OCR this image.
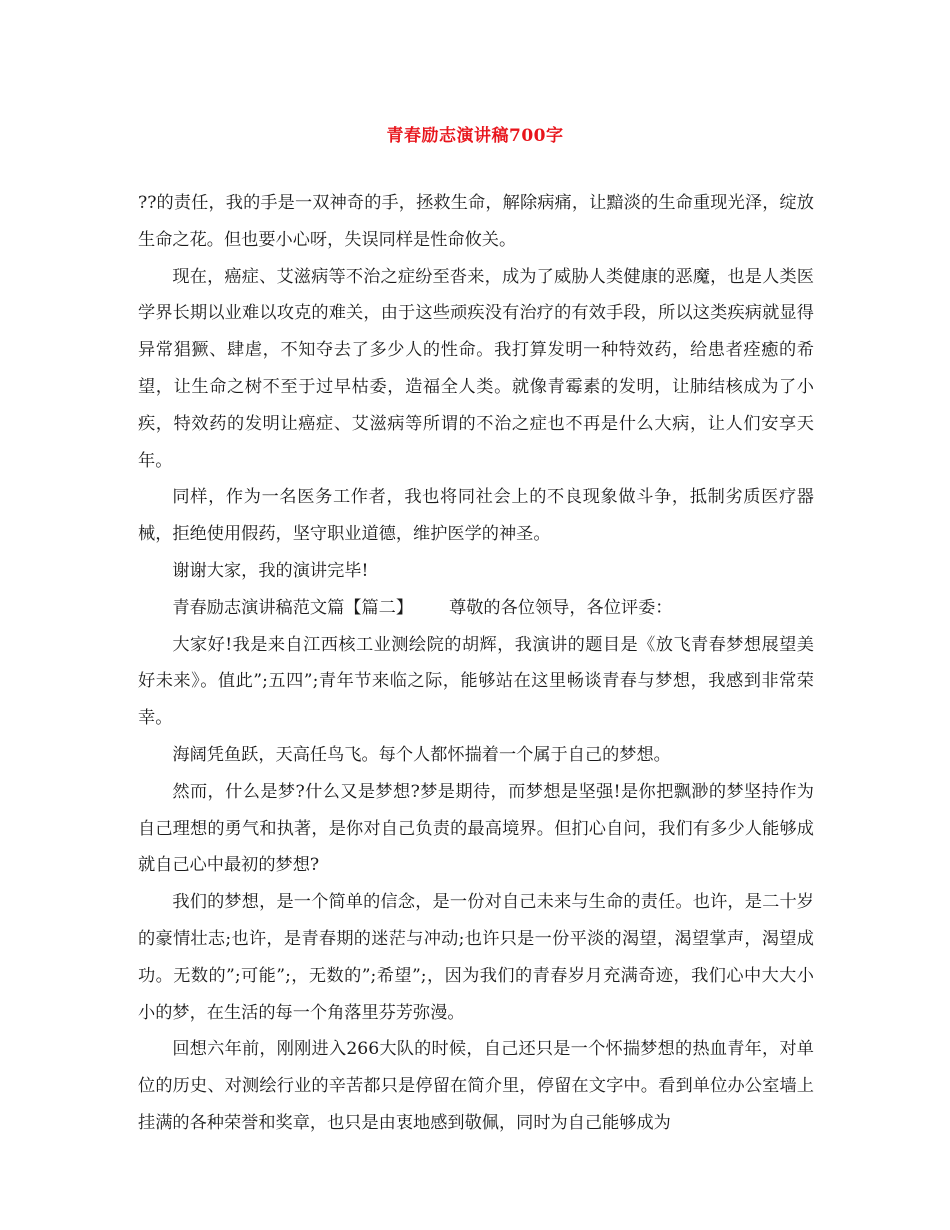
青春励志演讲稿700字

??的责任，我的手是一双神奇的手，拯救生命，解除病痛，让黯淡的生命重现光泽，绽放生命之花。但也要小心呀，失误同样是性命攸关。

现在，癌症、艾滋病等不治之症纷至沓来，成为了威胁人类健康的恶魔，也是人类医学界长期以业难以攻克的难关，由于这些顽疾没有治疗的有效手段，所以这类疾病就显得异常猖獗、肆虐，不知夺去了多少人的性命。我打算发明一种特效药，给患者痊癒的希望，让生命之树不至于过早枯委，造福全人类。就像青霉素的发明，让肺结核成为了小疾，特效药的发明让癌症、艾滋病等所谓的不治之症也不再是什么大病，让人们安享天年。

同样，作为一名医务工作者，我也将同社会上的不良现象做斗争，抵制劣质医疗器械，拒绝使用假药，坚守职业道德，维护医学的神圣。

谢谢大家，我的演讲完毕!

青春励志演讲稿范文篇【篇二】 尊敬的各位领导，各位评委：

大家好!我是来自江西核工业测绘院的胡辉，我演讲的题目是《放飞青春梦想展望美好未来》。值此”;五四”;青年节来临之际，能够站在这里畅谈青春与梦想，我感到非常荣幸。

海阔凭鱼跃，天高任鸟飞。每个人都怀揣着一个属于自己的梦想。

然而，什么是梦?什么又是梦想?梦是期待，而梦想是坚强!是你把飘渺的梦坚持作为自己理想的勇气和执著，是你对自己负责的最高境界。但扪心自问，我们有多少人能够成就自己心中最初的梦想?

我们的梦想，是一个简单的信念，是一份对自己未来与生命的责任。也许，是二十岁的豪情壮志;也许，是青春期的迷茫与冲动;也许只是一份平淡的渴望，渴望掌声，渴望成功。无数的”;可能”;，无数的”;希望”;，因为我们的青春岁月充满奇迹，我们心中大大小小的梦，在生活的每一个角落里芬芳弥漫。

回想六年前，刚刚进入266大队的时候，自己还只是一个怀揣梦想的热血青年，对单位的历史、对测绘行业的辛苦都只是停留在简介里，停留在文字中。看到单位办公室墙上挂满的各种荣誉和奖章，也只是由衷地感到敬佩，同时为自己能够成为
